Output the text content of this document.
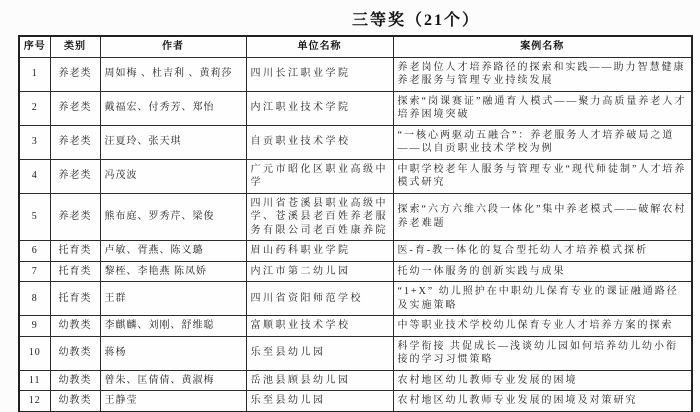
三等奖（21个）
序号	类别	作者	单位名称	案例名称
1	养老类	周如梅 、杜吉利 、黄莉莎	四川长江职业学院	养老岗位人才培养路径的探索和实践——助力智慧健康养老服务与管理专业持续发展
2	养老类	戴福宏、付秀芳、郑怡	内江职业技术学院	探索“岗课赛证”融通育人模式——聚力高质量养老人才培养困境突破
3	养老类	汪夏玲、张天琪	自贡职业技术学校	“一核心两驱动五融合”：养老服务人才培养破局之道——以自贡职业技术学校为例
4	养老类	冯茂波	广元市昭化区职业高级中学	中职学校老年人服务与管理专业“现代师徒制”人才培养模式研究
5	养老类	熊布庭、罗秀芹、梁俊	四川省苍溪县职业高级中学、苍溪县老百姓养老服务有限公司老百姓康养院	探索“六方六维六段一体化”集中养老模式——破解农村养老难题
6	托育类	卢敏、胥燕、陈义璐	眉山药科职业学院	医-育-教一体化的复合型托幼人才培养模式探析
7	托育类	黎桎、李艳燕 陈凤娇	内江市第二幼儿园	托幼一体服务的创新实践与成果
8	托育类	王群	四川省资阳师范学校	“1+X” 幼儿照护在中职幼儿保育专业的课证融通路径及实施策略
9	幼教类	李麒麟、刘刚、舒维聪	富顺职业技术学校	中等职业技术学校幼儿保育专业人才培养方案的探索
10	幼教类	蒋杨	乐至县幼儿园	科学衔接 共促成长—浅谈幼儿园如何培养幼儿幼小衔接的学习习惯策略
11	幼教类	曾朱、匡倩倩、黄淑梅	岳池县顾县幼儿园	农村地区幼儿教师专业发展的困境
12	幼教类	王静莹	乐至县幼儿园	农村地区幼儿教师专业发展的困境及对策研究
